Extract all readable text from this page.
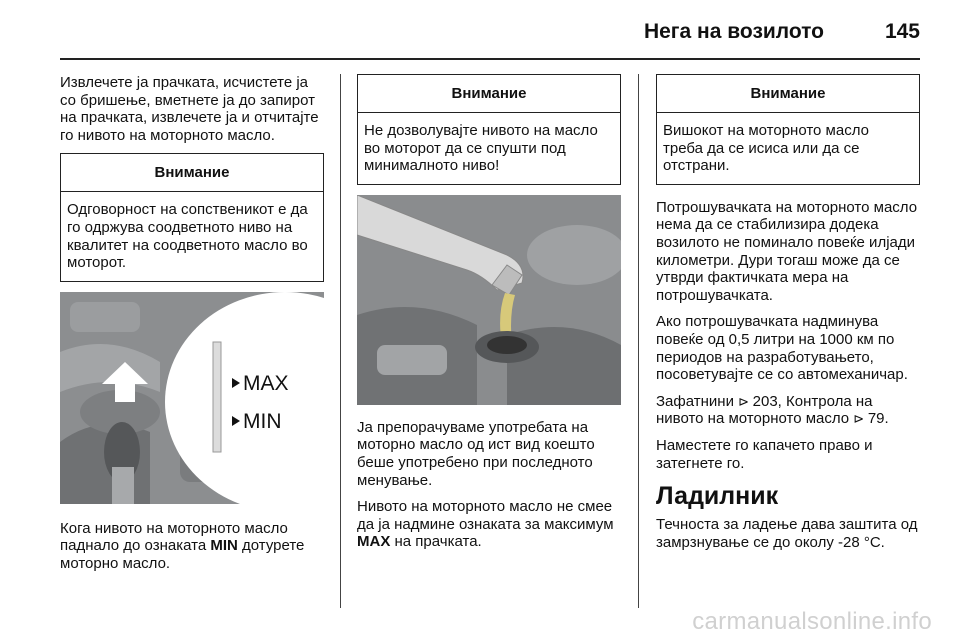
Нега на возилото	145

Извлечете ја прачката, исчистете ја со бришење, вметнете ја до запирот на прачката, извлечете ја и отчитајте го нивото на моторното масло.

Внимание
Одговорност на сопственикот е да го одржува соодветното ниво на квалитет на соодветното масло во моторот.
MAX
MIN

Кога нивото на моторното масло паднало до ознаката MIN дотурете моторно масло.

Внимание
Не дозволувајте нивото на масло во моторот да се спушти под минималното ниво!

Ја препорачуваме употребата на моторно масло од ист вид коешто беше употребено при последното менување.

Нивото на моторното масло не смее да ја надмине ознаката за максимум MAX на прачката.

Внимание
Вишокот на моторното масло треба да се исиса или да се отстрани.

Потрошувачката на моторното масло нема да се стабилизира додека возилото не поминало повеќе илјади километри. Дури тогаш може да се утврди фактичката мера на потрошувачката.

Ако потрошувачката надминува повеќе од 0,5 литри на 1000 км по периодов на разработувањето, посоветувајте се со автомеханичар.

Зафатнини ⊳ 203, Контрола на нивото на моторното масло ⊳ 79.

Наместете го капачето право и затегнете го.

Ладилник

Течноста за ладење дава заштита од замрзнување се до околу -28 °C.

carmanualsonline.info
